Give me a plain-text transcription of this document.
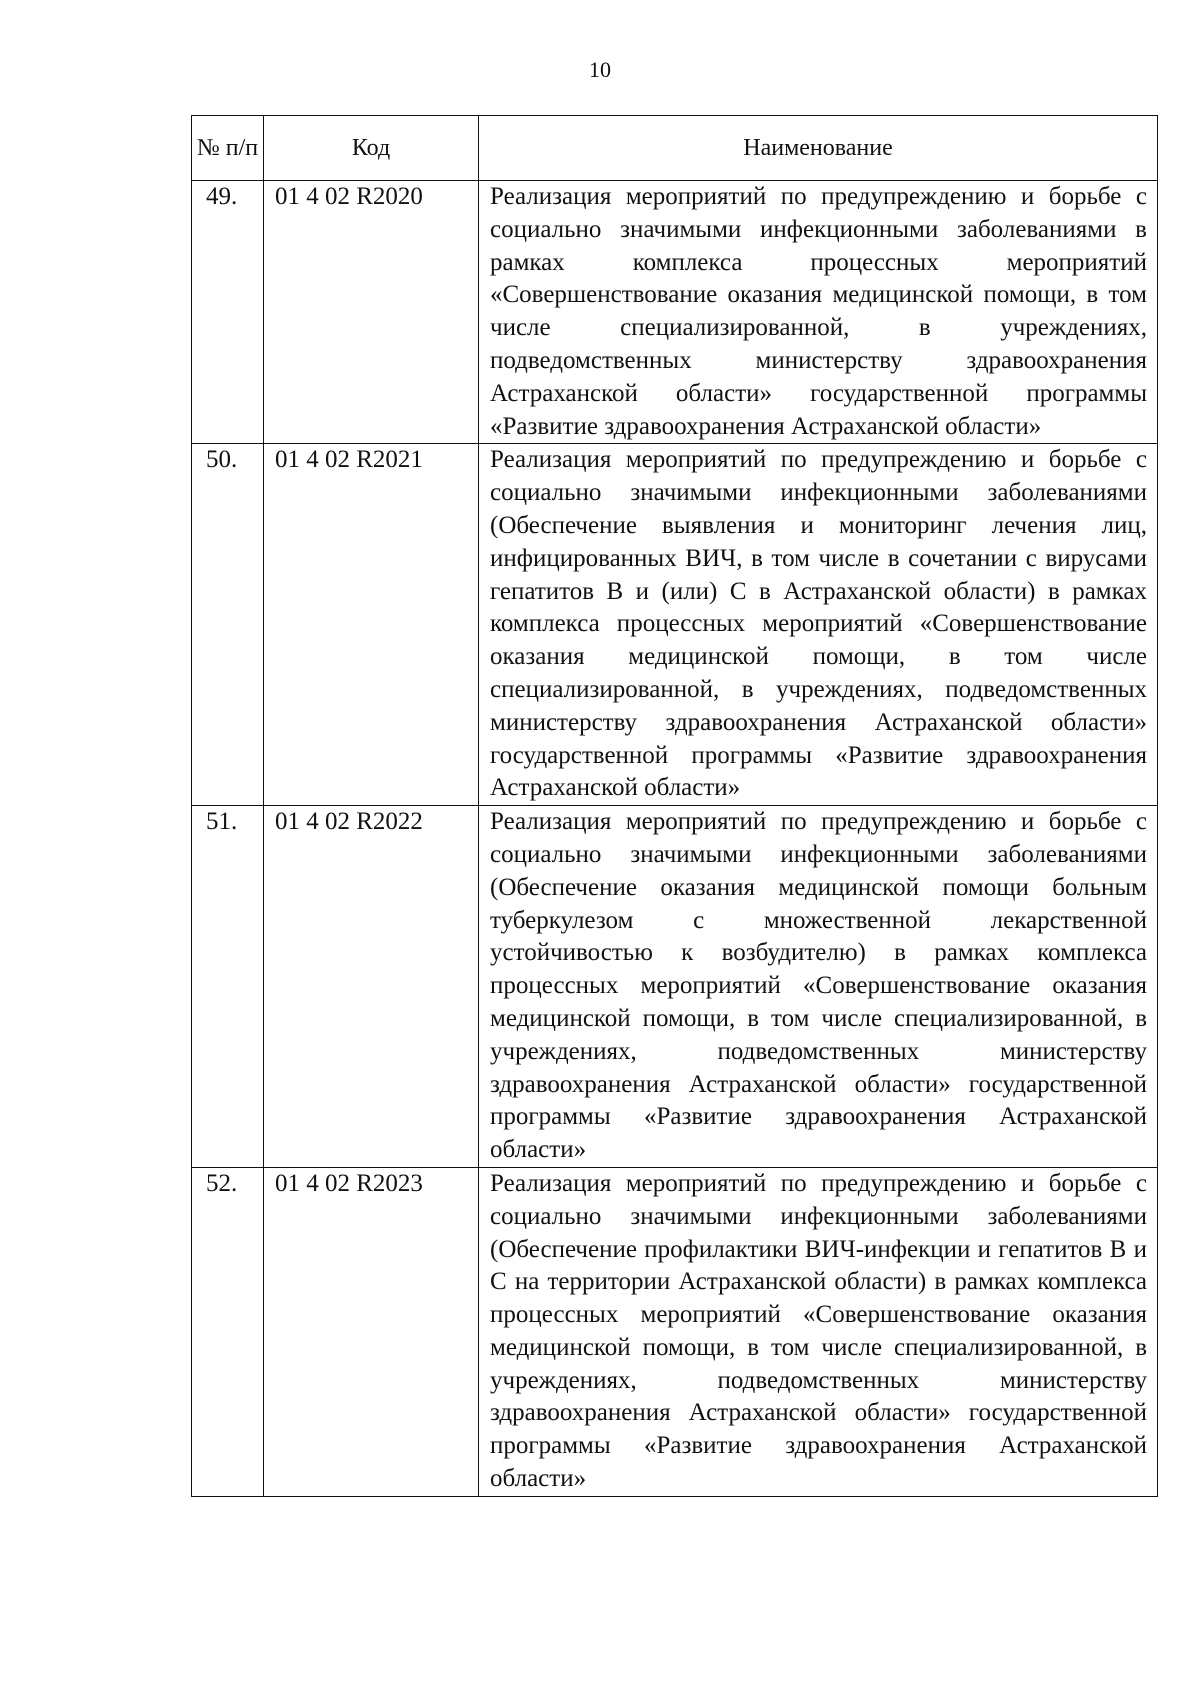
10
№ п/п	Код	Наименование
49.	01 4 02 R2020	Реализация мероприятий по предупреждению и борьбе с социально значимыми инфекционными заболеваниями в рамках комплекса процессных мероприятий «Совершенствование оказания медицинской помощи, в том числе специализированной, в учреждениях, подведомственных министерству здравоохранения Астраханской области» государственной программы «Развитие здравоохранения Астраханской области»
50.	01 4 02 R2021	Реализация мероприятий по предупреждению и борьбе с социально значимыми инфекционными заболеваниями (Обеспечение выявления и мониторинг лечения лиц, инфицированных ВИЧ, в том числе в сочетании с вирусами гепатитов B и (или) C в Астраханской области) в рамках комплекса процессных мероприятий «Совершенствование оказания медицинской помощи, в том числе специализированной, в учреждениях, подведомственных министерству здравоохранения Астраханской области» государственной программы «Развитие здравоохранения Астраханской области»
51.	01 4 02 R2022	Реализация мероприятий по предупреждению и борьбе с социально значимыми инфекционными заболеваниями (Обеспечение оказания медицинской помощи больным туберкулезом с множественной лекарственной устойчивостью к возбудителю) в рамках комплекса процессных мероприятий «Совершенствование оказания медицинской помощи, в том числе специализированной, в учреждениях, подведомственных министерству здравоохранения Астраханской области» государственной программы «Развитие здравоохранения Астраханской области»
52.	01 4 02 R2023	Реализация мероприятий по предупреждению и борьбе с социально значимыми инфекционными заболеваниями (Обеспечение профилактики ВИЧ-инфекции и гепатитов B и C на территории Астраханской области) в рамках комплекса процессных мероприятий «Совершенствование оказания медицинской помощи, в том числе специализированной, в учреждениях, подведомственных министерству здравоохранения Астраханской области» государственной программы «Развитие здравоохранения Астраханской области»
